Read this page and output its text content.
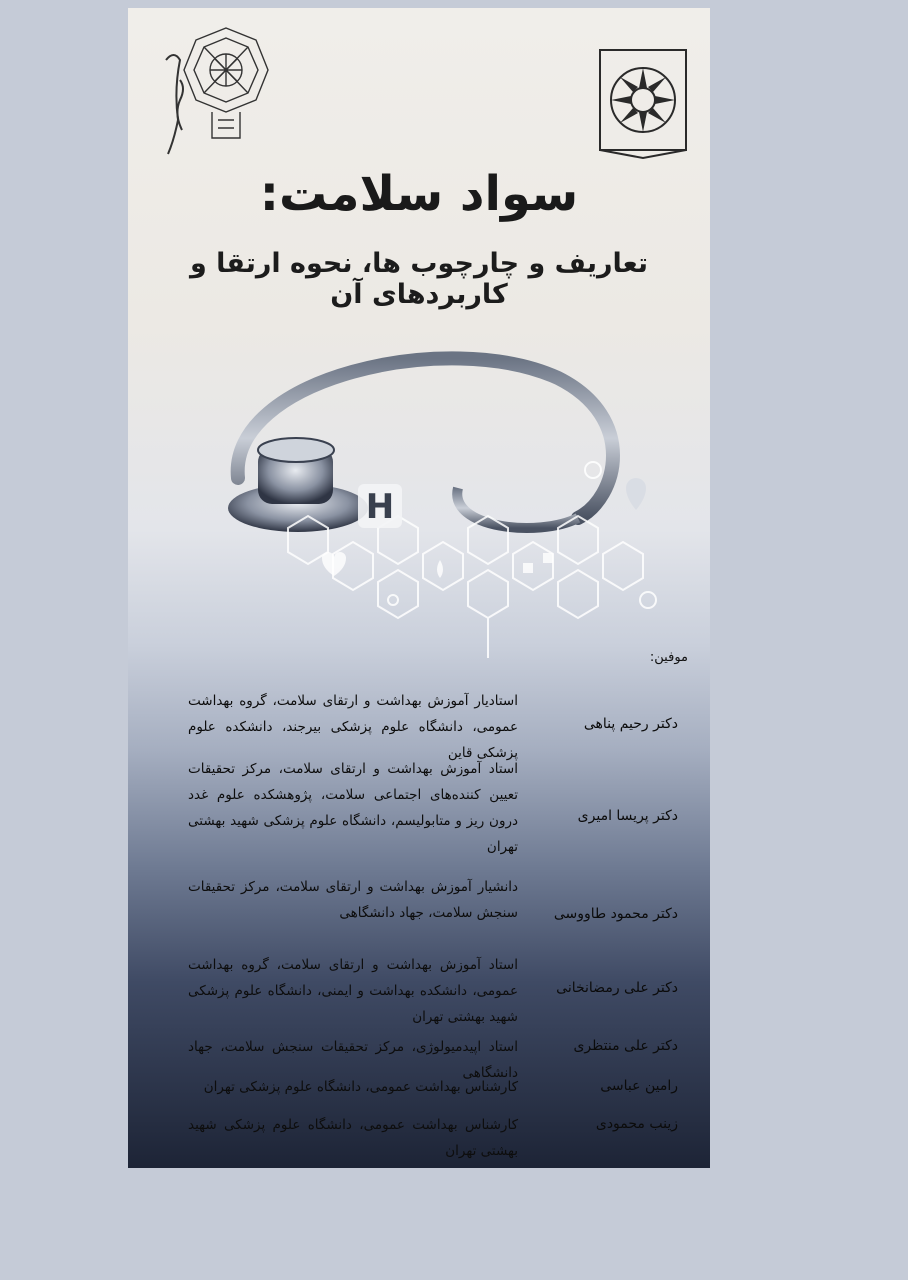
سواد سلامت:
تعاریف و چارچوب ها، نحوه ارتقا و کاربردهای آن
H
موفین:
دکتر رحیم پناهی
استادیار آموزش بهداشت و ارتقای سلامت، گروه بهداشت عمومی، دانشگاه علوم پزشکی بیرجند، دانشکده علوم پزشکی قاین
دکتر پریسا امیری
استاد آموزش بهداشت و ارتقای سلامت، مرکز تحقیقات تعیین کننده‌های اجتماعی سلامت، پژوهشکده علوم غدد درون ریز و متابولیسم، دانشگاه علوم پزشکی شهید بهشتی تهران
دکتر محمود طاووسی
دانشیار آموزش بهداشت و ارتقای سلامت، مرکز تحقیقات سنجش سلامت، جهاد دانشگاهی
دکتر علی رمضانخانی
استاد آموزش بهداشت و ارتقای سلامت، گروه بهداشت عمومی، دانشکده بهداشت و ایمنی، دانشگاه علوم پزشکی شهید بهشتی تهران
دکتر علی منتظری
استاد اپیدمیولوژی، مرکز تحقیقات سنجش سلامت، جهاد دانشگاهی
رامین عباسی
کارشناس بهداشت عمومی، دانشگاه علوم پزشکی تهران
زینب محمودی
کارشناس بهداشت عمومی، دانشگاه علوم پزشکی شهید بهشتی تهران
